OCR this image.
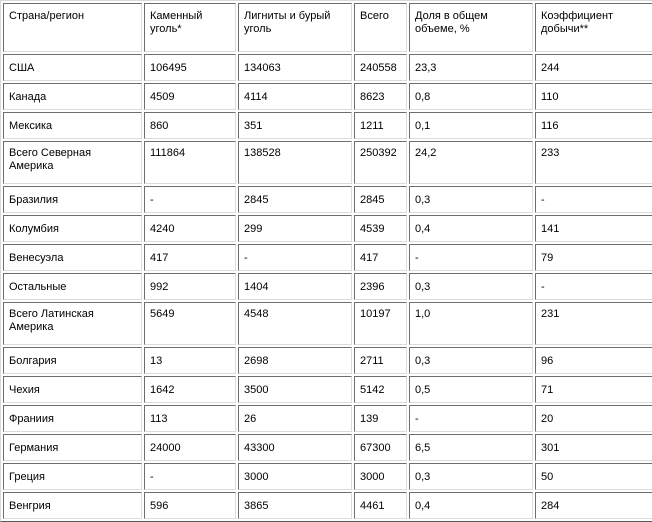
Страна/регион	Каменный уголь*	Лигниты и бурый уголь	Всего	Доля в общем объеме, %	Коэффициент добычи**
США	106495	134063	240558	23,3	244
Канада	4509	4114	8623	0,8	110
Мексика	860	351	1211	0,1	116
Всего Северная Америка	111864	138528	250392	24,2	233
Бразилия	-	2845	2845	0,3	-
Колумбия	4240	299	4539	0,4	141
Венесуэла	417	-	417	-	79
Остальные	992	1404	2396	0,3	-
Всего Латинская Америка	5649	4548	10197	1,0	231
Болгария	13	2698	2711	0,3	96
Чехия	1642	3500	5142	0,5	71
Франиия	113	26	139	-	20
Германия	24000	43300	67300	6,5	301
Греция	-	3000	3000	0,3	50
Венгрия	596	3865	4461	0,4	284
